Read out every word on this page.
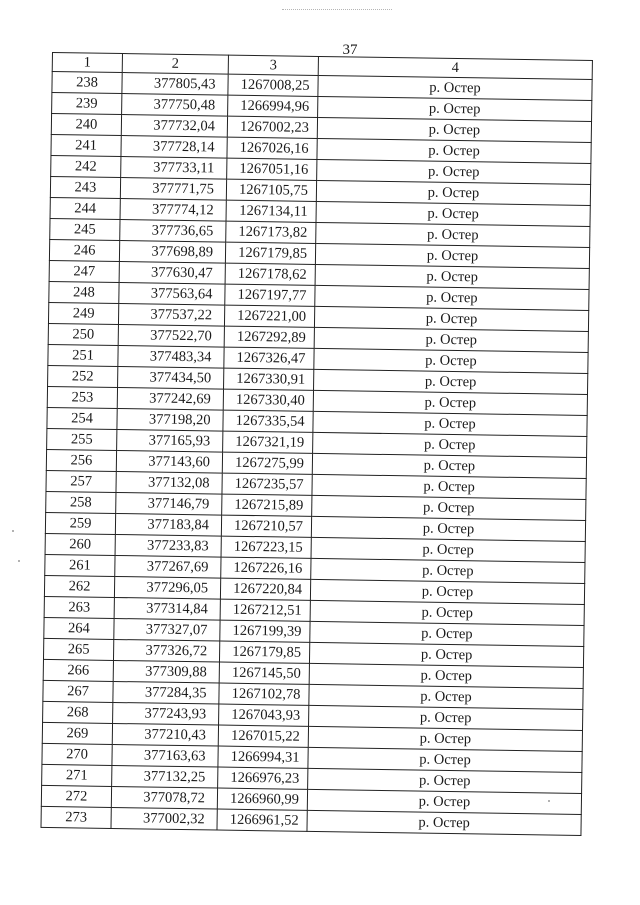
37
1	2	3	4
238	377805,43	1267008,25	р. Остер
239	377750,48	1266994,96	р. Остер
240	377732,04	1267002,23	р. Остер
241	377728,14	1267026,16	р. Остер
242	377733,11	1267051,16	р. Остер
243	377771,75	1267105,75	р. Остер
244	377774,12	1267134,11	р. Остер
245	377736,65	1267173,82	р. Остер
246	377698,89	1267179,85	р. Остер
247	377630,47	1267178,62	р. Остер
248	377563,64	1267197,77	р. Остер
249	377537,22	1267221,00	р. Остер
250	377522,70	1267292,89	р. Остер
251	377483,34	1267326,47	р. Остер
252	377434,50	1267330,91	р. Остер
253	377242,69	1267330,40	р. Остер
254	377198,20	1267335,54	р. Остер
255	377165,93	1267321,19	р. Остер
256	377143,60	1267275,99	р. Остер
257	377132,08	1267235,57	р. Остер
258	377146,79	1267215,89	р. Остер
259	377183,84	1267210,57	р. Остер
260	377233,83	1267223,15	р. Остер
261	377267,69	1267226,16	р. Остер
262	377296,05	1267220,84	р. Остер
263	377314,84	1267212,51	р. Остер
264	377327,07	1267199,39	р. Остер
265	377326,72	1267179,85	р. Остер
266	377309,88	1267145,50	р. Остер
267	377284,35	1267102,78	р. Остер
268	377243,93	1267043,93	р. Остер
269	377210,43	1267015,22	р. Остер
270	377163,63	1266994,31	р. Остер
271	377132,25	1266976,23	р. Остер
272	377078,72	1266960,99	р. Остер
273	377002,32	1266961,52	р. Остер
